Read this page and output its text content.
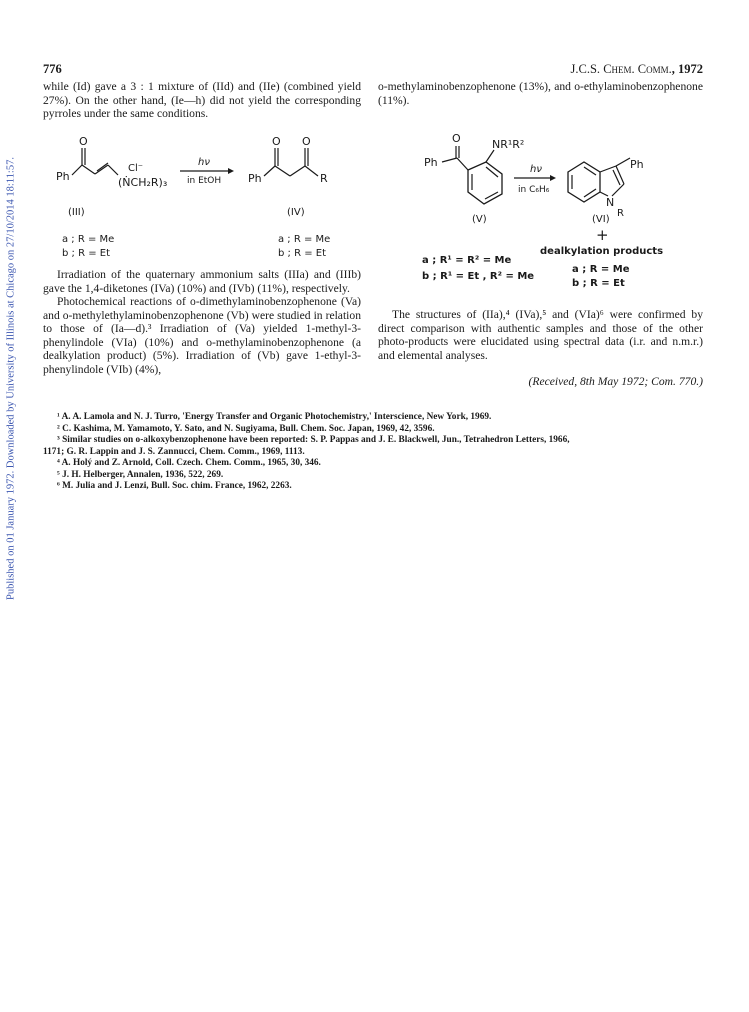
Published on 01 January 1972. Downloaded by University of Illinois at Chicago on 27/10/2014 18:11:57.
776	J.C.S. Chem. Comm., 1972

while (Id) gave a 3 : 1 mixture of (IId) and (IIe) (combined yield 27%). On the other hand, (Ie—h) did not yield the corresponding pyrroles under the same conditions.

o-methylaminobenzophenone (13%), and o-ethylaminobenzophenone (11%).

Ph
O
Cl⁻
(ṄCH₂R)₃
(III)
a ; R = Me
b ; R = Et
hν
in EtOH Ph
O O
R
(IV)
a ; R = Me
b ; R = Et
O
Ph
NR¹R²
(V)
a ; R¹ = R² = Me
b ; R¹ = Et , R² = Me
hν
in C₆H₆
N
R
Ph
(VI)
+
dealkylation products
a ; R = Me
b ; R = Et

Irradiation of the quaternary ammonium salts (IIIa) and (IIIb) gave the 1,4-diketones (IVa) (10%) and (IVb) (11%), respectively.

Photochemical reactions of o-dimethylaminobenzophenone (Va) and o-methylethylaminobenzophenone (Vb) were studied in relation to those of (Ia—d).³ Irradiation of (Va) yielded 1-methyl-3-phenylindole (VIa) (10%) and o-methylaminobenzophenone (a dealkylation product) (5%). Irradiation of (Vb) gave 1-ethyl-3-phenylindole (VIb) (4%),

The structures of (IIa),⁴ (IVa),⁵ and (VIa)⁶ were confirmed by direct comparison with authentic samples and those of the other photo-products were elucidated using spectral data (i.r. and n.m.r.) and elemental analyses.

(Received, 8th May 1972; Com. 770.)
¹ A. A. Lamola and N. J. Turro, 'Energy Transfer and Organic Photochemistry,' Interscience, New York, 1969.
² C. Kashima, M. Yamamoto, Y. Sato, and N. Sugiyama, Bull. Chem. Soc. Japan, 1969, 42, 3596.
³ Similar studies on o-alkoxybenzophenone have been reported: S. P. Pappas and J. E. Blackwell, Jun., Tetrahedron Letters, 1966,
1171; G. R. Lappin and J. S. Zannucci, Chem. Comm., 1969, 1113.
⁴ A. Holý and Z. Arnold, Coll. Czech. Chem. Comm., 1965, 30, 346.
⁵ J. H. Helberger, Annalen, 1936, 522, 269.
⁶ M. Julia and J. Lenzi, Bull. Soc. chim. France, 1962, 2263.
